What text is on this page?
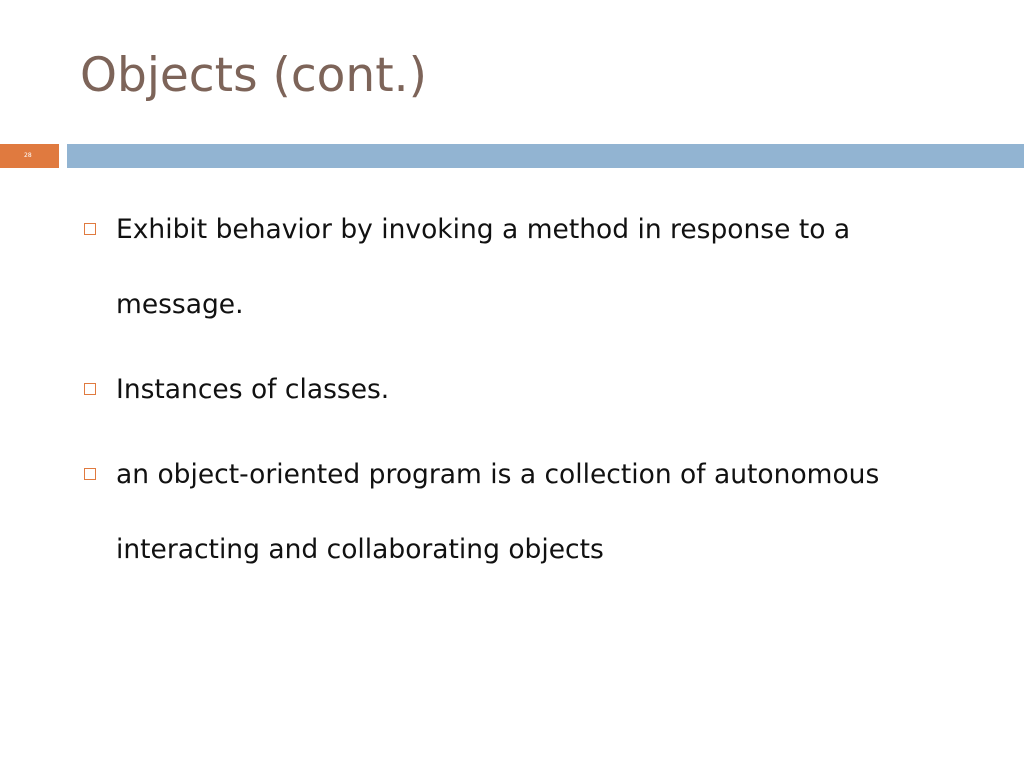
Objects (cont.)
28
Exhibit behavior by invoking a method in response to a message.
Instances of classes.
an object-oriented program is a collection of autonomous interacting and collaborating objects
